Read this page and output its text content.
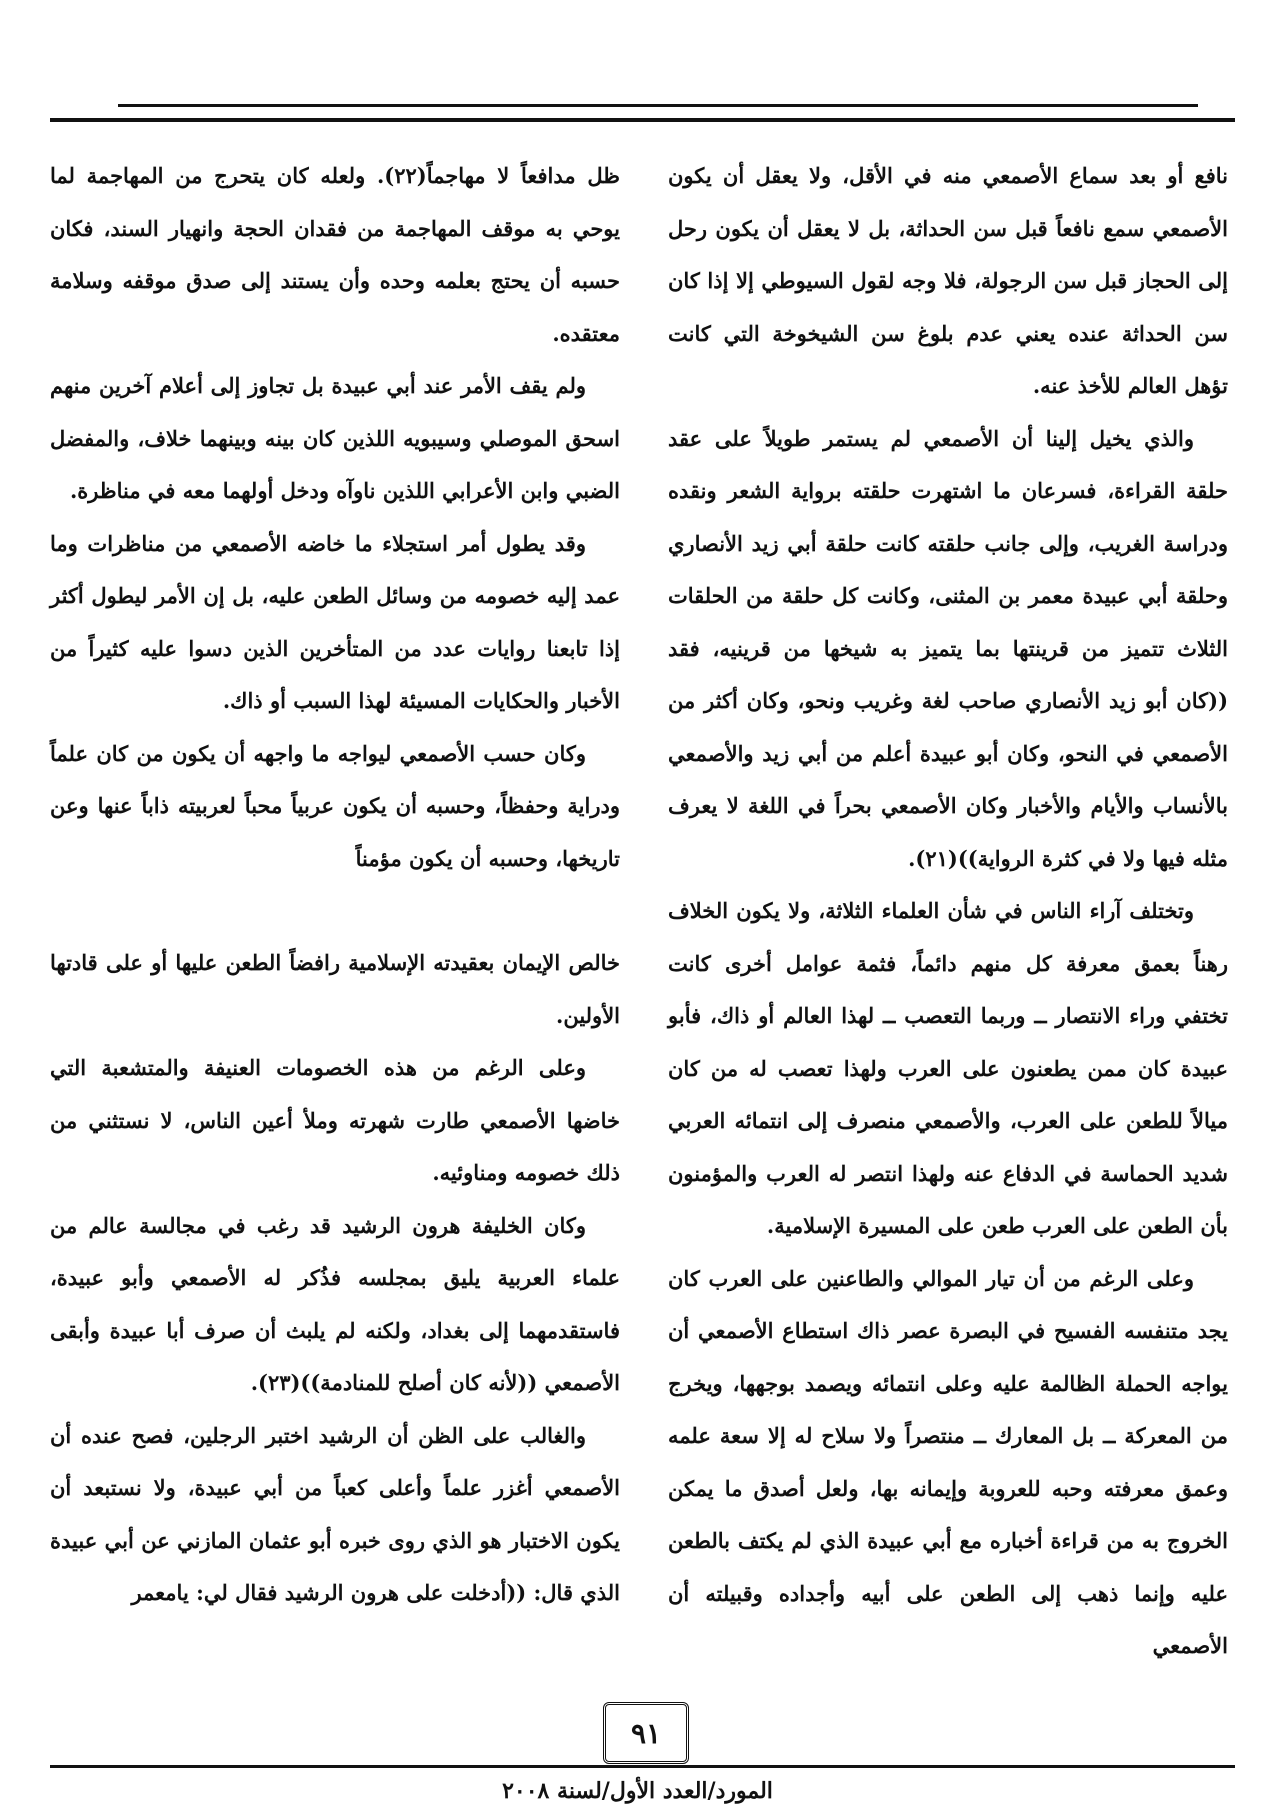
نافع أو بعد سماع الأصمعي منه في الأقل، ولا يعقل أن يكون الأصمعي سمع نافعاً قبل سن الحداثة، بل لا يعقل أن يكون رحل إلى الحجاز قبل سن الرجولة، فلا وجه لقول السيوطي إلا إذا كان سن الحداثة عنده يعني عدم بلوغ سن الشيخوخة التي كانت تؤهل العالم للأخذ عنه.

والذي يخيل إلينا أن الأصمعي لم يستمر طويلاً على عقد حلقة القراءة، فسرعان ما اشتهرت حلقته برواية الشعر ونقده ودراسة الغريب، وإلى جانب حلقته كانت حلقة أبي زيد الأنصاري وحلقة أبي عبيدة معمر بن المثنى، وكانت كل حلقة من الحلقات الثلاث تتميز من قرينتها بما يتميز به شيخها من قرينيه، فقد ((كان أبو زيد الأنصاري صاحب لغة وغريب ونحو، وكان أكثر من الأصمعي في النحو، وكان أبو عبيدة أعلم من أبي زيد والأصمعي بالأنساب والأيام والأخبار وكان الأصمعي بحراً في اللغة لا يعرف مثله فيها ولا في كثرة الرواية))(٢١).

وتختلف آراء الناس في شأن العلماء الثلاثة، ولا يكون الخلاف رهناً بعمق معرفة كل منهم دائماً، فثمة عوامل أخرى كانت تختفي وراء الانتصار ــ وربما التعصب ــ لهذا العالم أو ذاك، فأبو عبيدة كان ممن يطعنون على العرب ولهذا تعصب له من كان ميالاً للطعن على العرب، والأصمعي منصرف إلى انتمائه العربي شديد الحماسة في الدفاع عنه ولهذا انتصر له العرب والمؤمنون بأن الطعن على العرب طعن على المسيرة الإسلامية.

وعلى الرغم من أن تيار الموالي والطاعنين على العرب كان يجد متنفسه الفسيح في البصرة عصر ذاك استطاع الأصمعي أن يواجه الحملة الظالمة عليه وعلى انتمائه ويصمد بوجهها، ويخرج من المعركة ــ بل المعارك ــ منتصراً ولا سلاح له إلا سعة علمه وعمق معرفته وحبه للعروبة وإيمانه بها، ولعل أصدق ما يمكن الخروج به من قراءة أخباره مع أبي عبيدة الذي لم يكتف بالطعن عليه وإنما ذهب إلى الطعن على أبيه وأجداده وقبيلته أن الأصمعي

ظل مدافعاً لا مهاجماً(٢٢). ولعله كان يتحرج من المهاجمة لما يوحي به موقف المهاجمة من فقدان الحجة وانهيار السند، فكان حسبه أن يحتج بعلمه وحده وأن يستند إلى صدق موقفه وسلامة معتقده.

ولم يقف الأمر عند أبي عبيدة بل تجاوز إلى أعلام آخرين منهم اسحق الموصلي وسيبويه اللذين كان بينه وبينهما خلاف، والمفضل الضبي وابن الأعرابي اللذين ناوآه ودخل أولهما معه في مناظرة.

وقد يطول أمر استجلاء ما خاضه الأصمعي من مناظرات وما عمد إليه خصومه من وسائل الطعن عليه، بل إن الأمر ليطول أكثر إذا تابعنا روايات عدد من المتأخرين الذين دسوا عليه كثيراً من الأخبار والحكايات المسيئة لهذا السبب أو ذاك.

وكان حسب الأصمعي ليواجه ما واجهه أن يكون من كان علماً ودراية وحفظاً، وحسبه أن يكون عربياً محباً لعربيته ذاباً عنها وعن تاريخها، وحسبه أن يكون مؤمناً

خالص الإيمان بعقيدته الإسلامية رافضاً الطعن عليها أو على قادتها الأولين.

وعلى الرغم من هذه الخصومات العنيفة والمتشعبة التي خاضها الأصمعي طارت شهرته وملأ أعين الناس، لا نستثني من ذلك خصومه ومناوئيه.

وكان الخليفة هرون الرشيد قد رغب في مجالسة عالم من علماء العربية يليق بمجلسه فذُكر له الأصمعي وأبو عبيدة، فاستقدمهما إلى بغداد، ولكنه لم يلبث أن صرف أبا عبيدة وأبقى الأصمعي ((لأنه كان أصلح للمنادمة))(٢٣).

والغالب على الظن أن الرشيد اختبر الرجلين، فصح عنده أن الأصمعي أغزر علماً وأعلى كعباً من أبي عبيدة، ولا نستبعد أن يكون الاختبار هو الذي روى خبره أبو عثمان المازني عن أبي عبيدة الذي قال: ((أدخلت على هرون الرشيد فقال لي: يامعمر

٩١
المورد/العدد الأول/لسنة ٢٠٠٨
